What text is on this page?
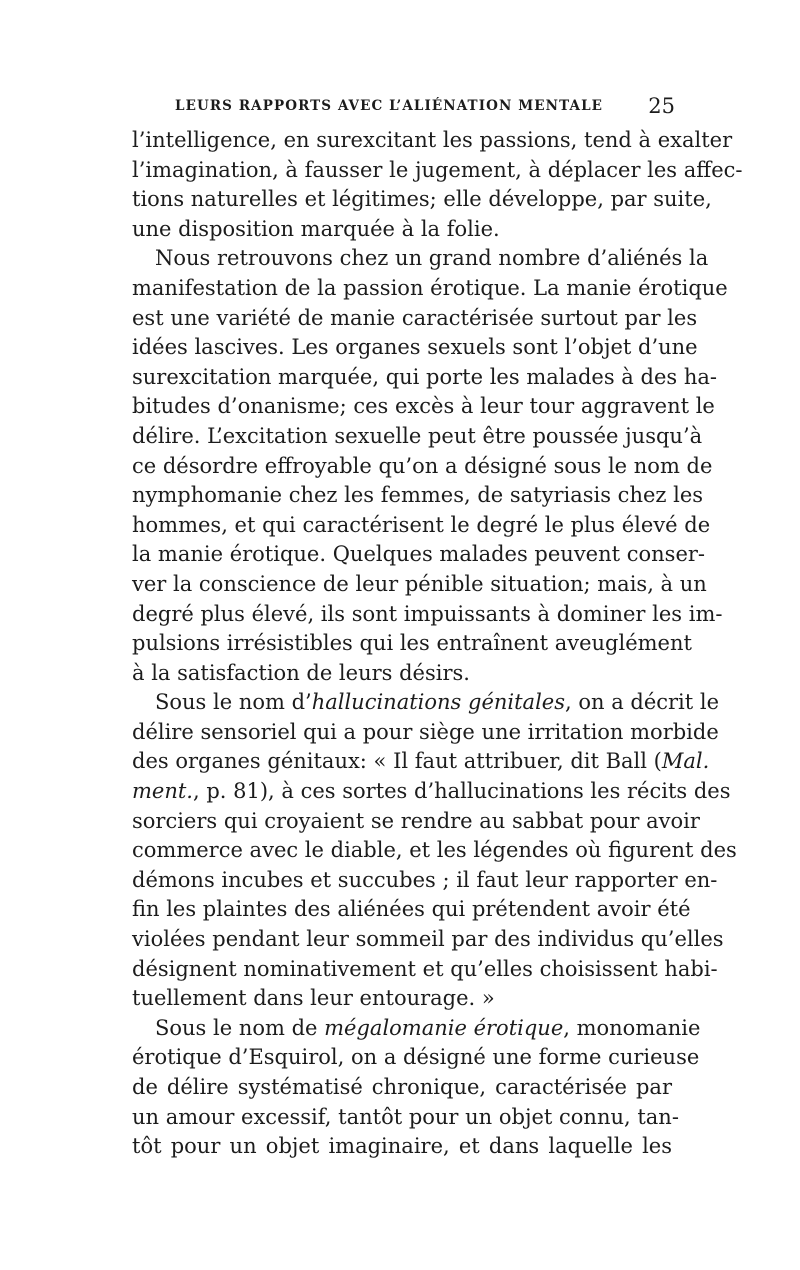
LEURS RAPPORTS AVEC L’ALIÉNATION MENTALE 25

l’intelligence, en surexcitant les passions, tend à exalter
l’imagination, à fausser le jugement, à déplacer les affec-
tions naturelles et légitimes; elle développe, par suite,
une disposition marquée à la folie.

Nous retrouvons chez un grand nombre d’aliénés la
manifestation de la passion érotique. La manie érotique
est une variété de manie caractérisée surtout par les
idées lascives. Les organes sexuels sont l’objet d’une
surexcitation marquée, qui porte les malades à des ha-
bitudes d’onanisme; ces excès à leur tour aggravent le
délire. L’excitation sexuelle peut être poussée jusqu’à
ce désordre effroyable qu’on a désigné sous le nom de
nymphomanie chez les femmes, de satyriasis chez les
hommes, et qui caractérisent le degré le plus élevé de
la manie érotique. Quelques malades peuvent conser-
ver la conscience de leur pénible situation; mais, à un
degré plus élevé, ils sont impuissants à dominer les im-
pulsions irrésistibles qui les entraînent aveuglément
à la satisfaction de leurs désirs.

Sous le nom d’hallucinations génitales, on a décrit le
délire sensoriel qui a pour siège une irritation morbide
des organes génitaux: « Il faut attribuer, dit Ball (Mal.
ment., p. 81), à ces sortes d’hallucinations les récits des
sorciers qui croyaient se rendre au sabbat pour avoir
commerce avec le diable, et les légendes où figurent des
démons incubes et succubes ; il faut leur rapporter en-
fin les plaintes des aliénées qui prétendent avoir été
violées pendant leur sommeil par des individus qu’elles
désignent nominativement et qu’elles choisissent habi-
tuellement dans leur entourage. »

Sous le nom de mégalomanie érotique, monomanie
érotique d’Esquirol, on a désigné une forme curieuse
de délire systématisé chronique, caractérisée par
un amour excessif, tantôt pour un objet connu, tan-
tôt pour un objet imaginaire, et dans laquelle les
